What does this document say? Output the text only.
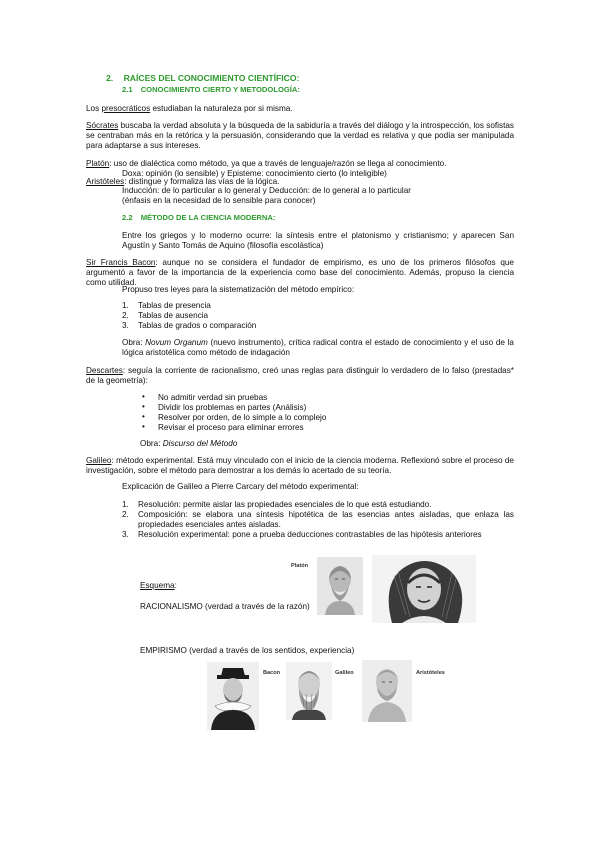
2. RAÍCES DEL CONOCIMIENTO CIENTÍFICO:
2.1 CONOCIMIENTO CIERTO Y METODOLOGÍA:
Los presocráticos estudiaban la naturaleza por si misma.
Sócrates buscaba la verdad absoluta y la búsqueda de la sabiduría a través del diálogo y la introspección, los sofistas se centraban más en la retórica y la persuasión, considerando que la verdad es relativa y que podía ser manipulada para adaptarse a sus intereses.
Platón: uso de dialéctica como método, ya que a través de lenguaje/razón se llega al conocimiento.
Doxa: opinión (lo sensible) y Episteme: conocimiento cierto (lo inteligible)
Aristóteles: distingue y formaliza las vías de la lógica.
Inducción: de lo particular a lo general y Deducción: de lo general a lo particular
(énfasis en la necesidad de lo sensible para conocer)
2.2 MÉTODO DE LA CIENCIA MODERNA:
Entre los griegos y lo moderno ocurre: la síntesis entre el platonismo y cristianismo; y aparecen San Agustín y Santo Tomás de Aquino (filosofía escolástica)
Sir Francis Bacon: aunque no se considera el fundador de empirismo, es uno de los primeros filósofos que argumentó a favor de la importancia de la experiencia como base del conocimiento. Además, propuso la ciencia como utilidad.
Propuso tres leyes para la sistematización del método empírico:
1.	Tablas de presencia
2.	Tablas de ausencia
3.	Tablas de grados o comparación
Obra: Novum Organum (nuevo instrumento), crítica radical contra el estado de conocimiento y el uso de la lógica aristotélica como método de indagación
Descartes: seguía la corriente de racionalismo, creó unas reglas para distinguir lo verdadero de lo falso (prestadas* de la geometría):
• No admitir verdad sin pruebas
• Dividir los problemas en partes (Análisis)
• Resolver por orden, de lo simple a lo complejo
• Revisar el proceso para eliminar errores
Obra: Discurso del Método
Galileo: método experimental. Está muy vinculado con el inicio de la ciencia moderna. Reflexionó sobre el proceso de investigación, sobre el método para demostrar a los demás lo acertado de su teoría.
Explicación de Galileo a Pierre Carcary del método experimental:
1.	Resolución: permite aislar las propiedades esenciales de lo que está estudiando.
2.	Composición: se elabora una síntesis hipotética de las esencias antes aisladas, que enlaza las propiedades esenciales antes aisladas.
3.	Resolución experimental: pone a prueba deducciones contrastables de las hipótesis anteriores
Esquema:
RACIONALISMO (verdad a través de la razón)
EMPIRISMO (verdad a través de los sentidos, experiencia)
Platón
Bacon	Galileo	Aristóteles
